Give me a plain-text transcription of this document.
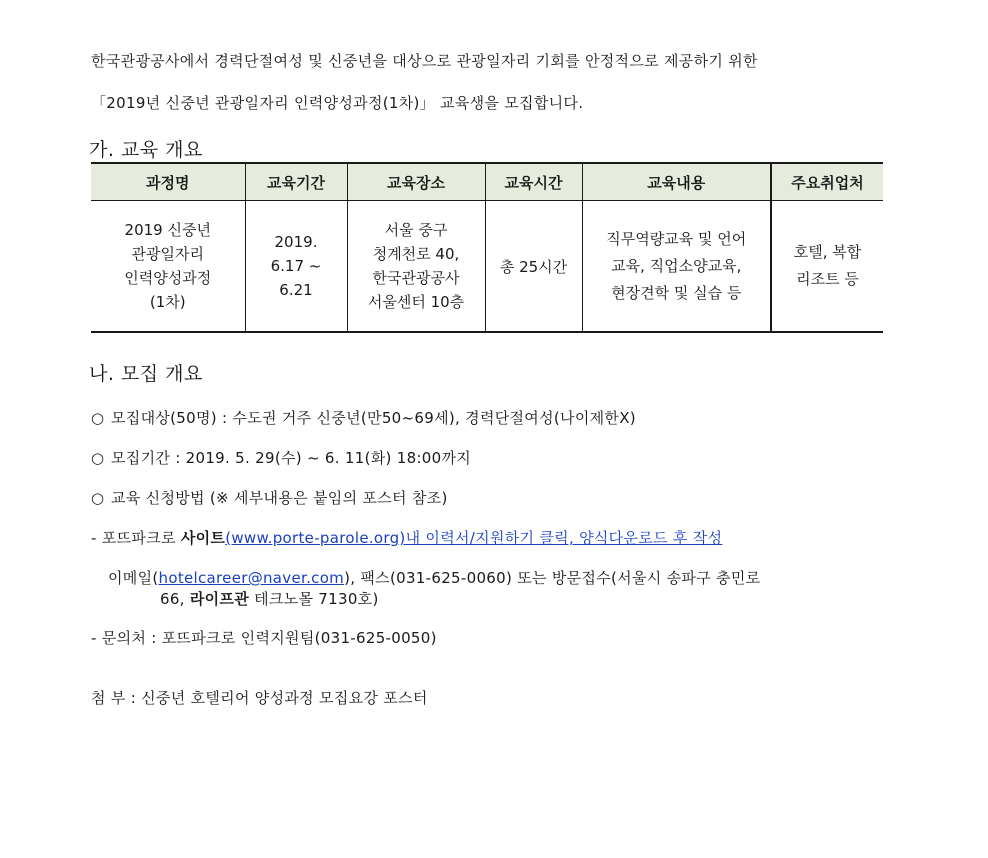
한국관광공사에서 경력단절여성 및 신중년을 대상으로 관광일자리 기회를 안정적으로 제공하기 위한
「2019년 신중년 관광일자리 인력양성과정(1차)」 교육생을 모집합니다.
가. 교육 개요
과정명	교육기간	교육장소	교육시간	교육내용	주요취업처

2019 신중년
관광일자리
인력양성과정
(1차)	2019.
6.17 ~
6.21	서울 중구
청계천로 40,
한국관광공사
서울센터 10층	총 25시간	직무역량교육 및 언어
교육, 직업소양교육,
현장견학 및 실습 등	호텔, 복합
리조트 등
나. 모집 개요
○ 모집대상(50명) : 수도권 거주 신중년(만50~69세), 경력단절여성(나이제한X)
○ 모집기간 : 2019. 5. 29(수) ~ 6. 11(화) 18:00까지
○ 교육 신청방법 (※ 세부내용은 붙임의 포스터 참조)
- 포뜨파크로 사이트(www.porte-parole.org)내 이력서/지원하기 클릭, 양식다운로드 후 작성
이메일(hotelcareer@naver.com), 팩스(031-625-0060) 또는 방문접수(서울시 송파구 충민로
66, 라이프관 테크노몰 7130호)
- 문의처 : 포뜨파크로 인력지원팀(031-625-0050)
첨 부 : 신중년 호텔리어 양성과정 모집요강 포스터
